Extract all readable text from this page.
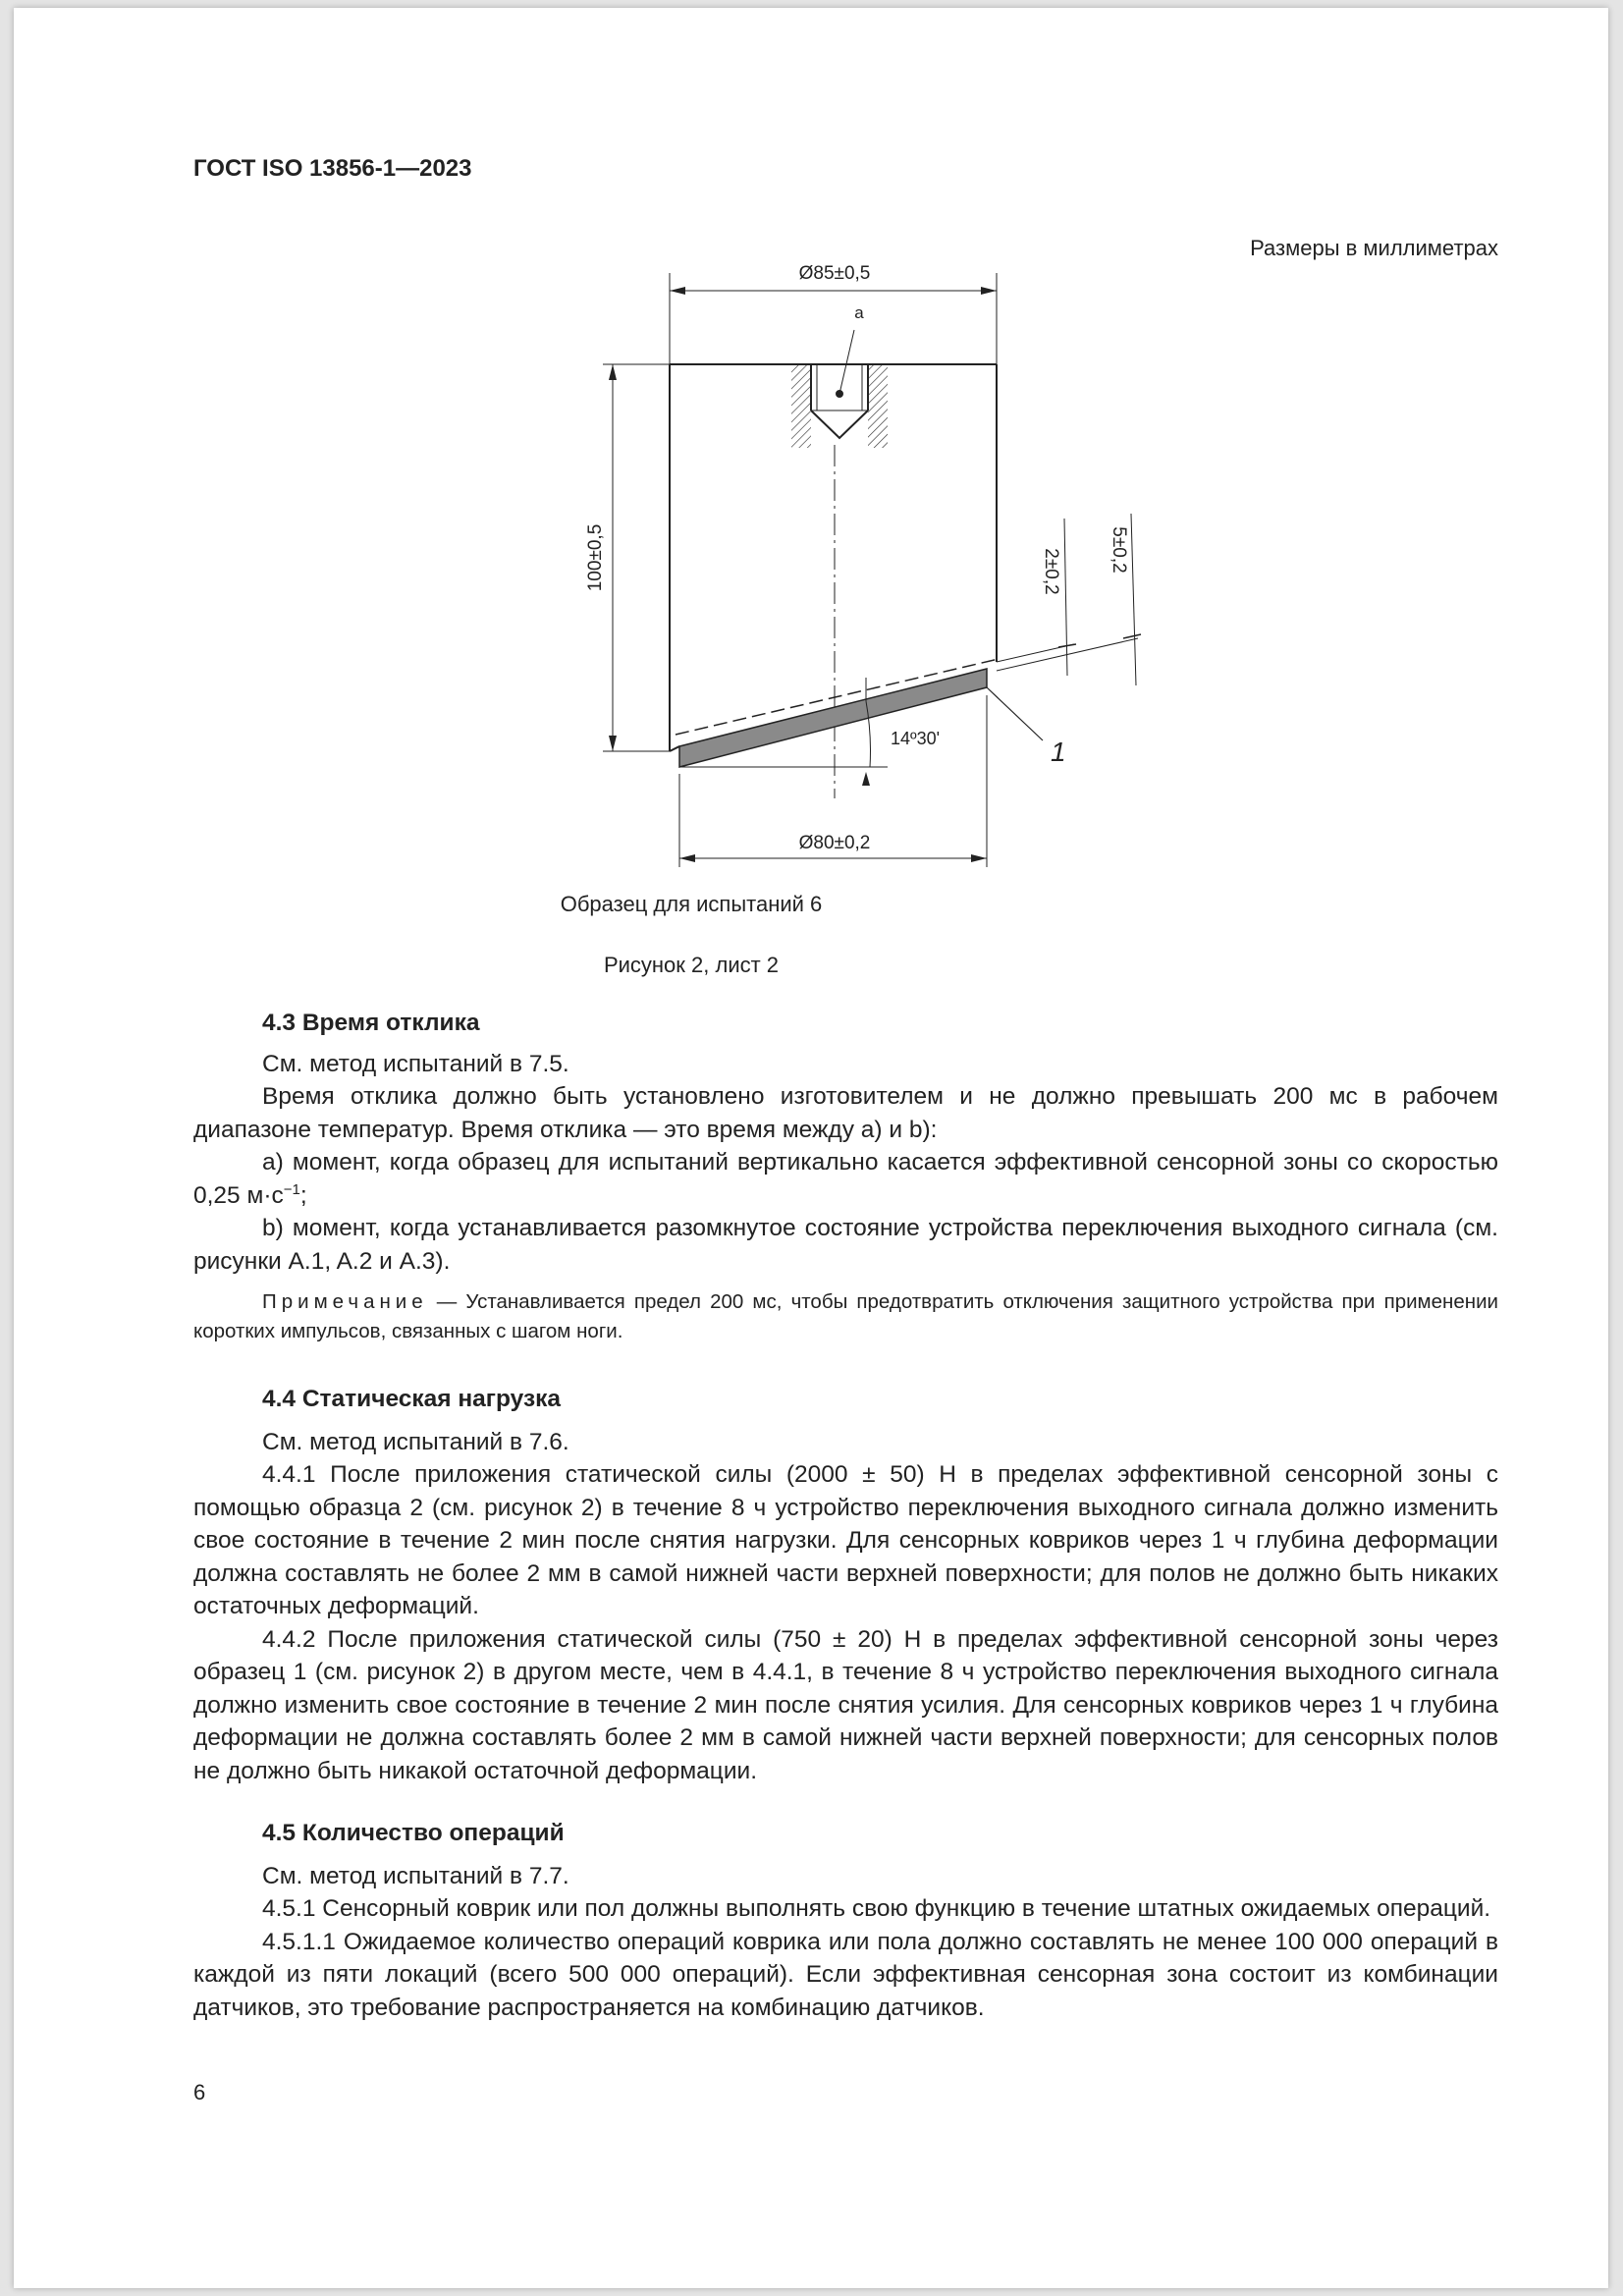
ГОСТ ISO 13856-1—2023
Размеры в миллиметрах
Ø85±0,5
a
100±0,5	2±0,2	5±0,2
14º30'	1
Ø80±0,2
Образец для испытаний 6
Рисунок 2, лист 2

4.3 Время отклика

См. метод испытаний в 7.5.

Время отклика должно быть установлено изготовителем и не должно превышать 200 мс в рабочем диапазоне температур. Время отклика — это время между a) и b):

a) момент, когда образец для испытаний вертикально касается эффективной сенсорной зоны со скоростью 0,25 $м\cdot с^{-1}$;

b) момент, когда устанавливается разомкнутое состояние устройства переключения выходного сигнала (см. рисунки A.1, A.2 и A.3).

Примечание — Устанавливается предел 200 мс, чтобы предотвратить отключения защитного устройства при применении коротких импульсов, связанных с шагом ноги.

4.4 Статическая нагрузка

См. метод испытаний в 7.6.

4.4.1 После приложения статической силы (2000 ± 50) Н в пределах эффективной сенсорной зоны с помощью образца 2 (см. рисунок 2) в течение 8 ч устройство переключения выходного сигнала должно изменить свое состояние в течение 2 мин после снятия нагрузки. Для сенсорных ковриков через 1 ч глубина деформации должна составлять не более 2 мм в самой нижней части верхней поверхности; для полов не должно быть никаких остаточных деформаций.

4.4.2 После приложения статической силы (750 ± 20) Н в пределах эффективной сенсорной зоны через образец 1 (см. рисунок 2) в другом месте, чем в 4.4.1, в течение 8 ч устройство переключения выходного сигнала должно изменить свое состояние в течение 2 мин после снятия усилия. Для сенсорных ковриков через 1 ч глубина деформации не должна составлять более 2 мм в самой нижней части верхней поверхности; для сенсорных полов не должно быть никакой остаточной деформации.

4.5 Количество операций

См. метод испытаний в 7.7.

4.5.1 Сенсорный коврик или пол должны выполнять свою функцию в течение штатных ожидаемых операций.

4.5.1.1 Ожидаемое количество операций коврика или пола должно составлять не менее 100 000 операций в каждой из пяти локаций (всего 500 000 операций). Если эффективная сенсорная зона состоит из комбинации датчиков, это требование распространяется на комбинацию датчиков.

6
